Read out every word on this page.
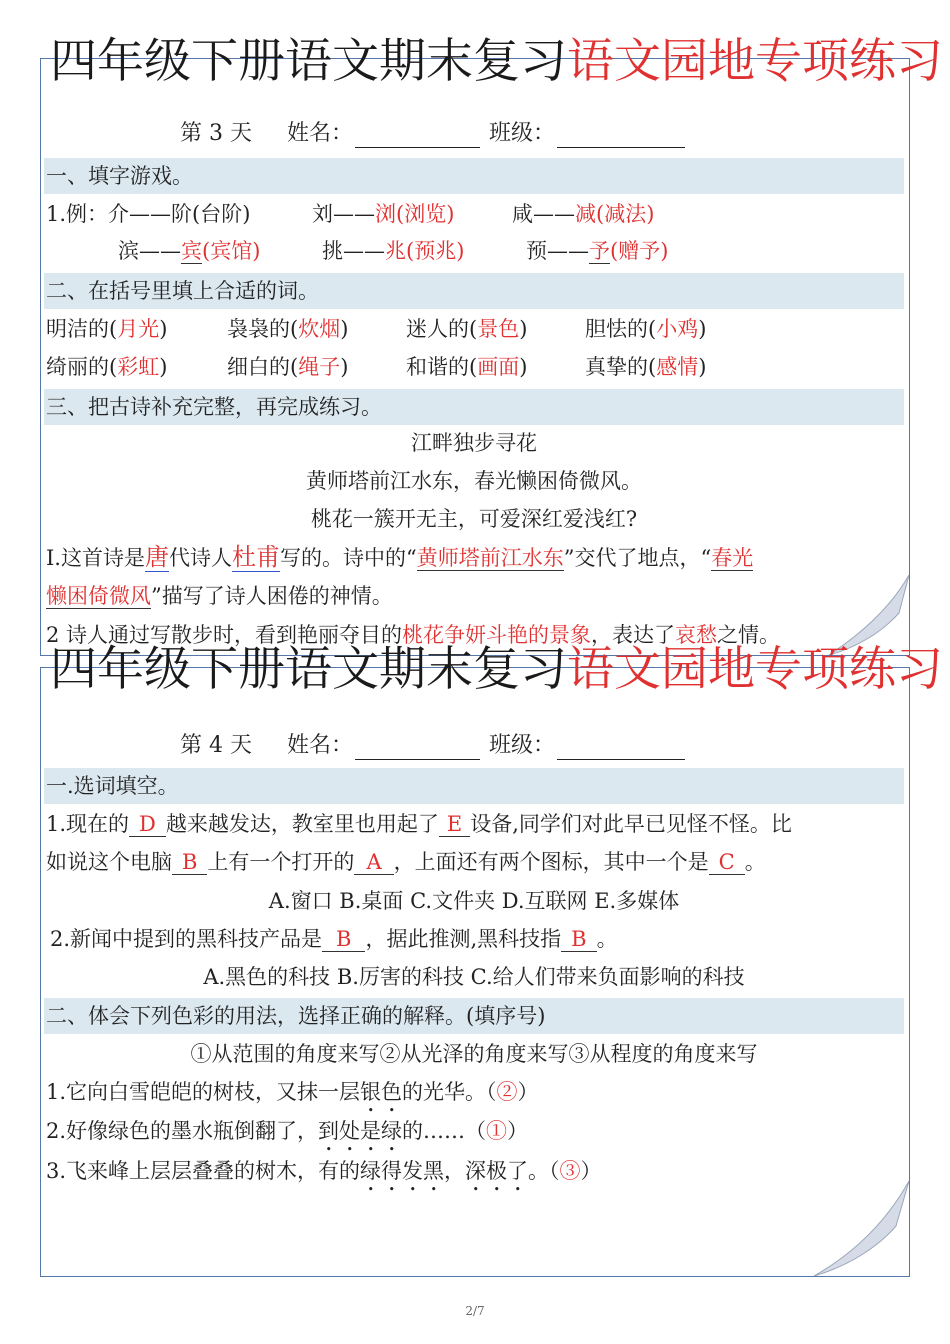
四年级下册语文期末复习语文园地专项练习
第 3 天 姓名：	班级：
一、填字游戏。
1.例：介——阶(台阶)	刘——浏(浏览)	咸——减(减法)
滨——宾(宾馆)	挑——兆(预兆)	预——予(赠予)
二、在括号里填上合适的词。
明洁的(月光)	袅袅的(炊烟)	迷人的(景色)	胆怯的(小鸡)
绮丽的(彩虹)	细白的(绳子)	和谐的(画面)	真挚的(感情)
三、把古诗补充完整，再完成练习。
江畔独步寻花
黄师塔前江水东，春光懒困倚微风。
桃花一簇开无主，可爱深红爱浅红?
I.这首诗是唐代诗人杜甫写的。诗中的“黄师塔前江水东”交代了地点，“春光
懒困倚微风”描写了诗人困倦的神情。
2 诗人通过写散步时，看到艳丽夺目的桃花争妍斗艳的景象，表达了哀愁之情。
四年级下册语文期末复习语文园地专项练习
第 4 天 姓名：	班级：
一.选词填空。
1.现在的 D 越来越发达，教室里也用起了 E 设备,同学们对此早已见怪不怪。比
如说这个电脑 B 上有一个打开的 A ，上面还有两个图标，其中一个是 C 。
A.窗口 B.桌面 C.文件夹 D.互联网 E.多媒体
2.新闻中提到的黑科技产品是 B ，据此推测,黑科技指 B 。
A.黑色的科技 B.厉害的科技 C.给人们带来负面影响的科技
二、体会下列色彩的用法，选择正确的解释。(填序号)
①从范围的角度来写②从光泽的角度来写③从程度的角度来写
1.它向白雪皑皑的树枝，又抹一层银色的光华。（②）
2.好像绿色的墨水瓶倒翻了，到处是绿的……（①）
3.飞来峰上层层叠叠的树木，有的绿得发黑，深极了。（③）
2/7
